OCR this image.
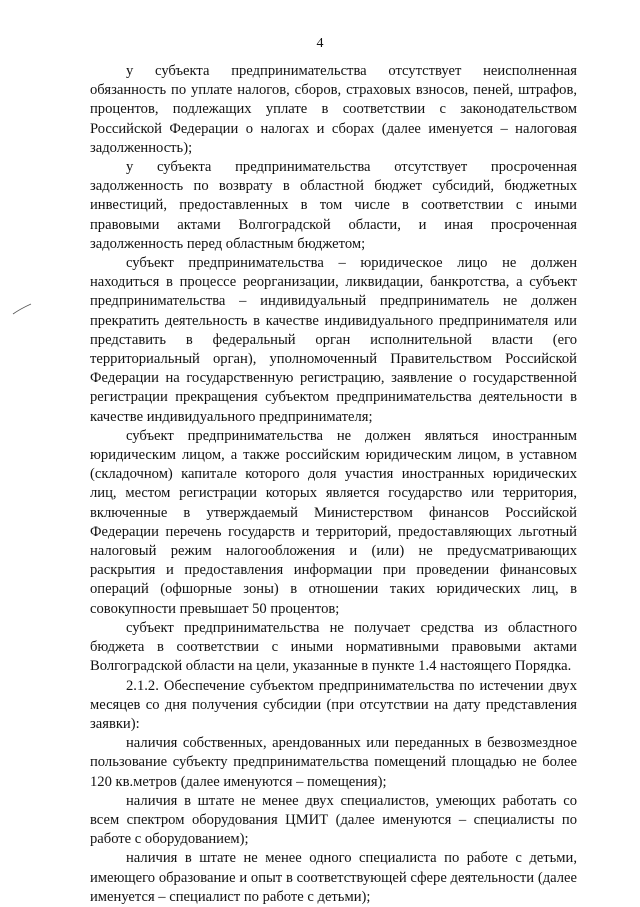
4

у субъекта предпринимательства отсутствует неисполненная обязанность по уплате налогов, сборов, страховых взносов, пеней, штрафов, процентов, подлежащих уплате в соответствии с законодательством Российской Федерации о налогах и сборах (далее именуется – налоговая задолженность);

у субъекта предпринимательства отсутствует просроченная задолженность по возврату в областной бюджет субсидий, бюджетных инвестиций, предоставленных в том числе в соответствии с иными правовыми актами Волгоградской области, и иная просроченная задолженность перед областным бюджетом;

субъект предпринимательства – юридическое лицо не должен находиться в процессе реорганизации, ликвидации, банкротства, а субъект предпринимательства – индивидуальный предприниматель не должен прекратить деятельность в качестве индивидуального предпринимателя или представить в федеральный орган исполнительной власти (его территориальный орган), уполномоченный Правительством Российской Федерации на государственную регистрацию, заявление о государственной регистрации прекращения субъектом предпринимательства деятельности в качестве индивидуального предпринимателя;

субъект предпринимательства не должен являться иностранным юридическим лицом, а также российским юридическим лицом, в уставном (складочном) капитале которого доля участия иностранных юридических лиц, местом регистрации которых является государство или территория, включенные в утверждаемый Министерством финансов Российской Федерации перечень государств и территорий, предоставляющих льготный налоговый режим налогообложения и (или) не предусматривающих раскрытия и предоставления информации при проведении финансовых операций (офшорные зоны) в отношении таких юридических лиц, в совокупности превышает 50 процентов;

субъект предпринимательства не получает средства из областного бюджета в соответствии с иными нормативными правовыми актами Волгоградской области на цели, указанные в пункте 1.4 настоящего Порядка.

2.1.2. Обеспечение субъектом предпринимательства по истечении двух месяцев со дня получения субсидии (при отсутствии на дату представления заявки):

наличия собственных, арендованных или переданных в безвозмездное пользование субъекту предпринимательства помещений площадью не более 120 кв.метров (далее именуются – помещения);

наличия в штате не менее двух специалистов, умеющих работать со всем спектром оборудования ЦМИТ (далее именуются – специалисты по работе с оборудованием);

наличия в штате не менее одного специалиста по работе с детьми, имеющего образование и опыт в соответствующей сфере деятельности (далее именуется – специалист по работе с детьми);
